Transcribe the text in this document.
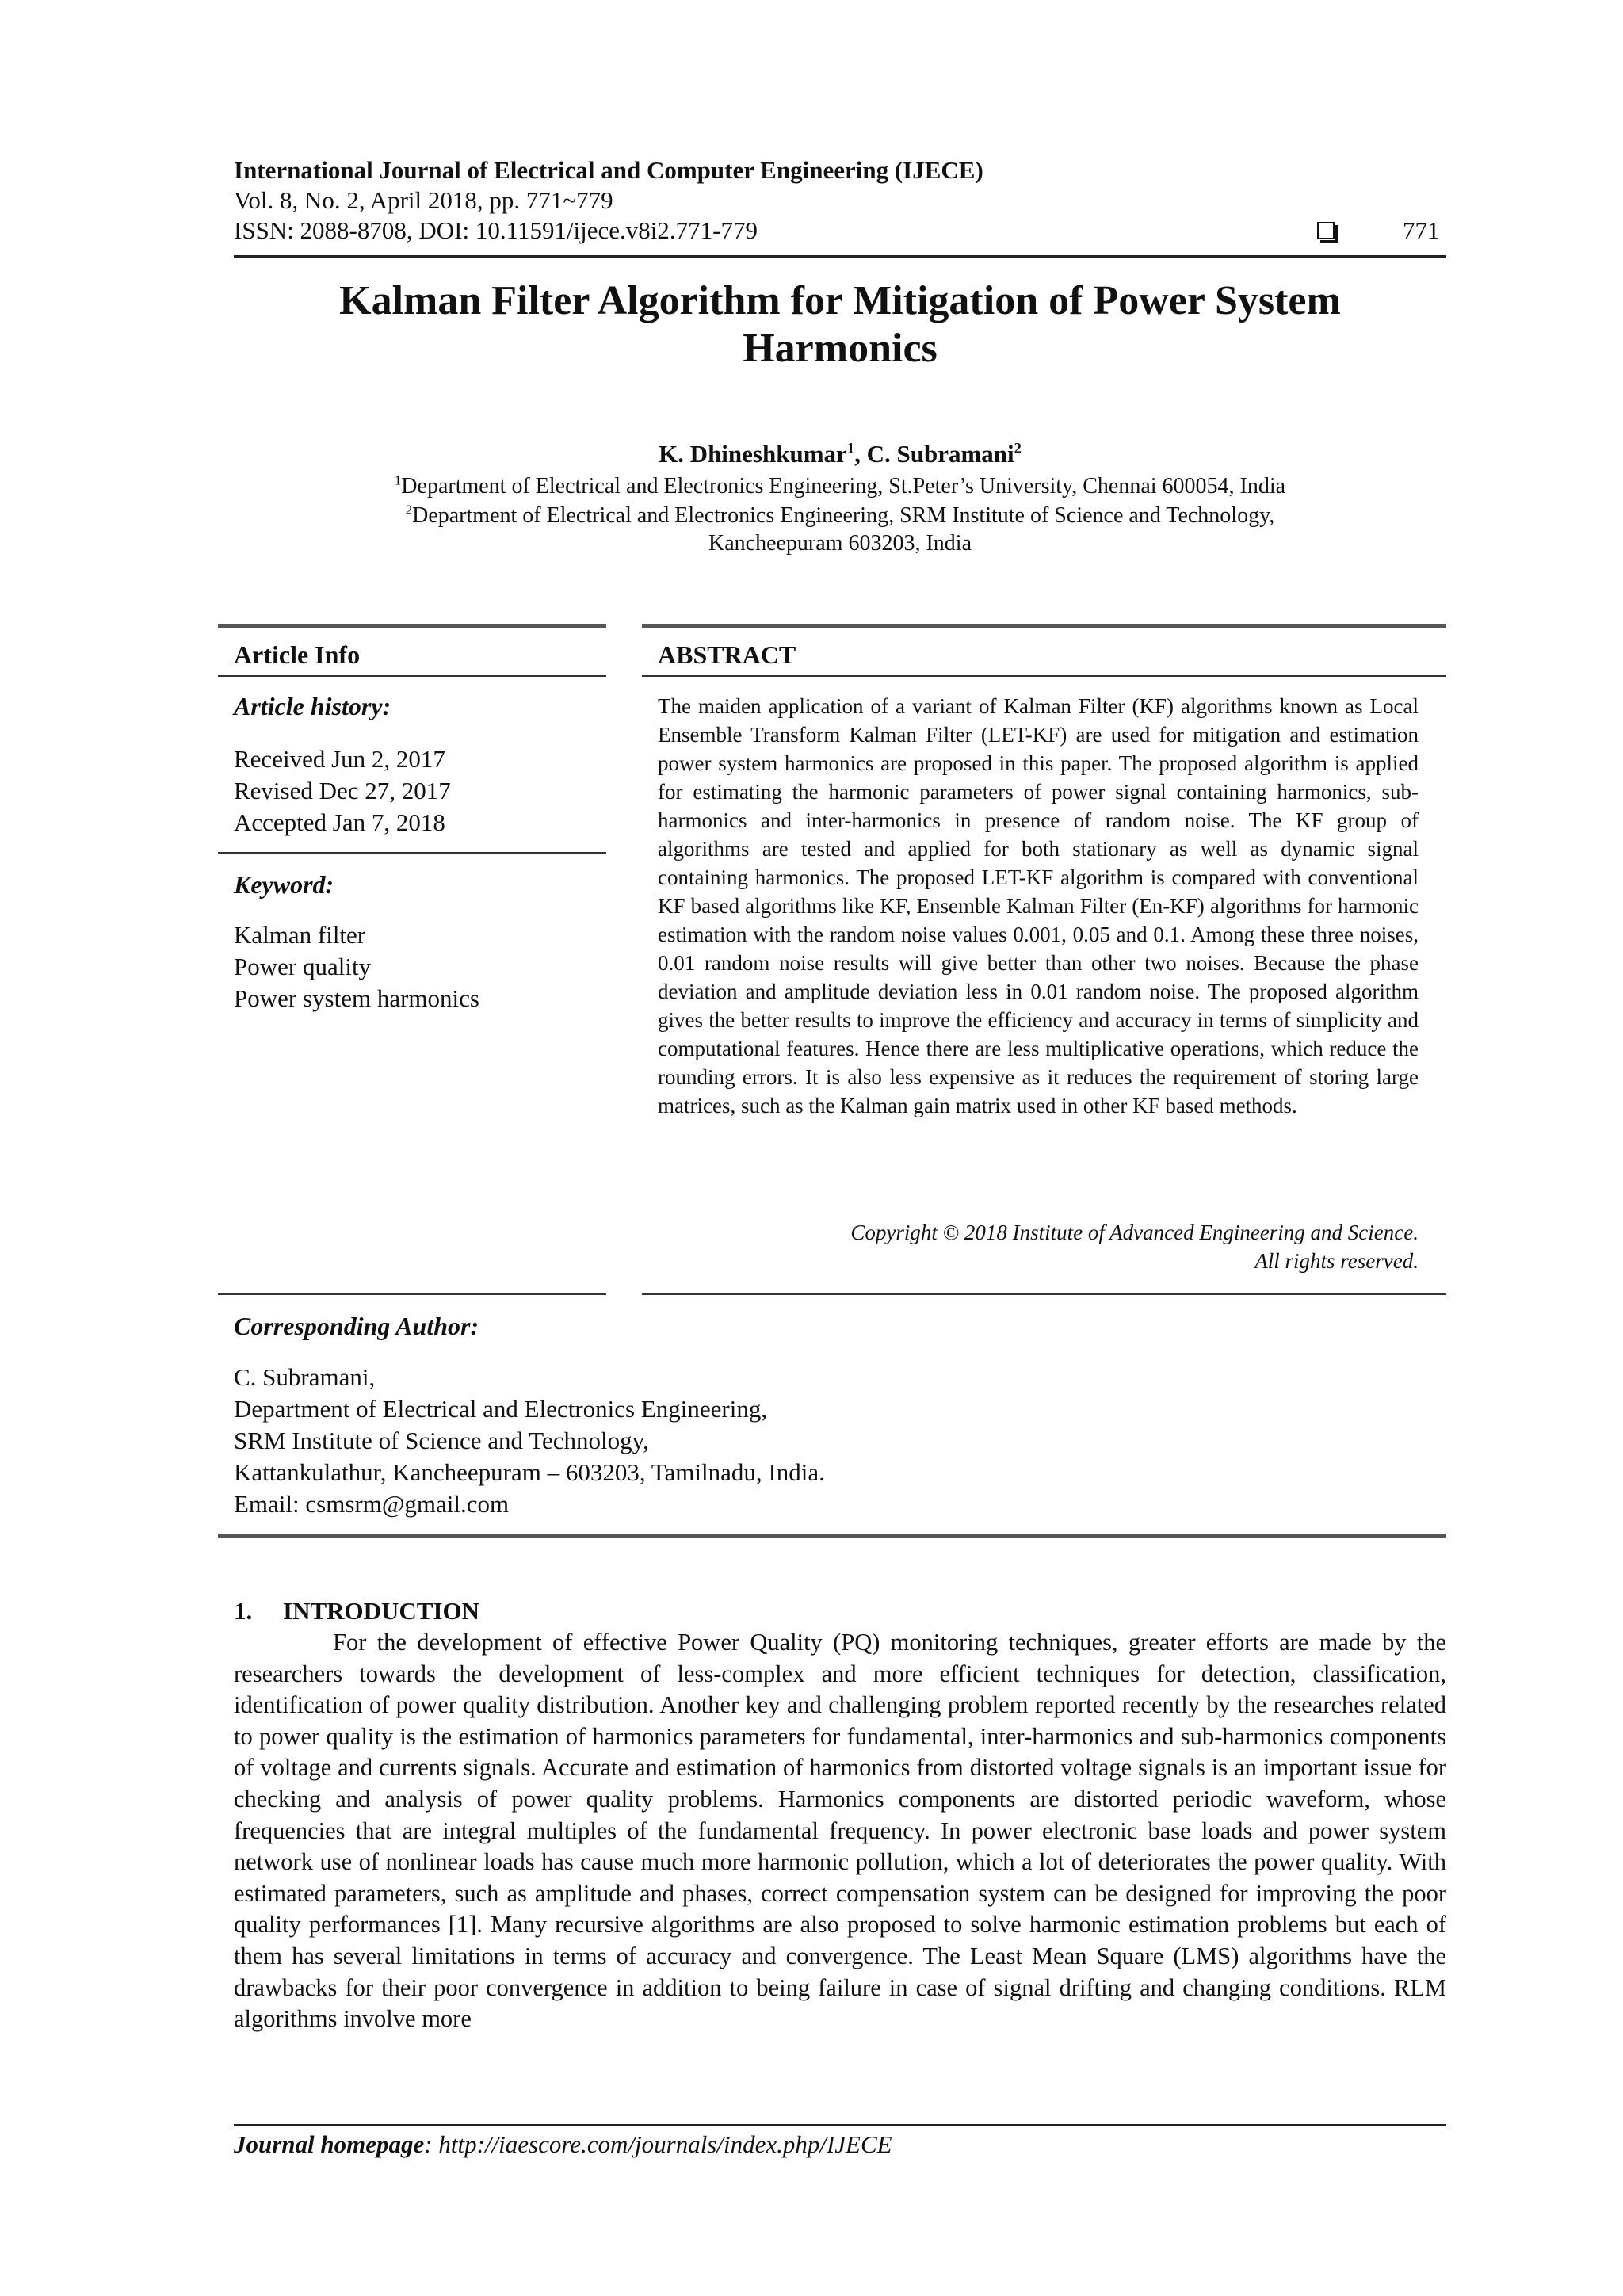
International Journal of Electrical and Computer Engineering (IJECE)
Vol. 8, No. 2, April 2018, pp. 771~779
ISSN: 2088-8708, DOI: 10.11591/ijece.v8i2.771-779	771
Kalman Filter Algorithm for Mitigation of Power System
Harmonics
K. Dhineshkumar$^1$, C. Subramani$^2$
$^1$Department of Electrical and Electronics Engineering, St.Peter’s University, Chennai 600054, India
$^2$Department of Electrical and Electronics Engineering, SRM Institute of Science and Technology,
Kancheepuram 603203, India
Article Info	ABSTRACT
Article history:
Received Jun 2, 2017
Revised Dec 27, 2017
Accepted Jan 7, 2018
Keyword:
Kalman filter
Power quality
Power system harmonics

The maiden application of a variant of Kalman Filter (KF) algorithms known as Local Ensemble Transform Kalman Filter (LET-KF) are used for mitigation and estimation power system harmonics are proposed in this paper. The proposed algorithm is applied for estimating the harmonic parameters of power signal containing harmonics, sub-harmonics and inter-harmonics in presence of random noise. The KF group of algorithms are tested and applied for both stationary as well as dynamic signal containing harmonics. The proposed LET-KF algorithm is compared with conventional KF based algorithms like KF, Ensemble Kalman Filter (En-KF) algorithms for harmonic estimation with the random noise values 0.001, 0.05 and 0.1. Among these three noises, 0.01 random noise results will give better than other two noises. Because the phase deviation and amplitude deviation less in 0.01 random noise. The proposed algorithm gives the better results to improve the efficiency and accuracy in terms of simplicity and computational features. Hence there are less multiplicative operations, which reduce the rounding errors. It is also less expensive as it reduces the requirement of storing large matrices, such as the Kalman gain matrix used in other KF based methods.

Copyright © 2018 Institute of Advanced Engineering and Science.
All rights reserved.
Corresponding Author:
C. Subramani,
Department of Electrical and Electronics Engineering,
SRM Institute of Science and Technology,
Kattankulathur, Kancheepuram – 603203, Tamilnadu, India.
Email: csmsrm@gmail.com
1.     INTRODUCTION

For the development of effective Power Quality (PQ) monitoring techniques, greater efforts are made by the researchers towards the development of less-complex and more efficient techniques for detection, classification, identification of power quality distribution. Another key and challenging problem reported recently by the researches related to power quality is the estimation of harmonics parameters for fundamental, inter-harmonics and sub-harmonics components of voltage and currents signals. Accurate and estimation of harmonics from distorted voltage signals is an important issue for checking and analysis of power quality problems. Harmonics components are distorted periodic waveform, whose frequencies that are integral multiples of the fundamental frequency. In power electronic base loads and power system network use of nonlinear loads has cause much more harmonic pollution, which a lot of deteriorates the power quality. With estimated parameters, such as amplitude and phases, correct compensation system can be designed for improving the poor quality performances [1]. Many recursive algorithms are also proposed to solve harmonic estimation problems but each of them has several limitations in terms of accuracy and convergence. The Least Mean Square (LMS) algorithms have the drawbacks for their poor convergence in addition to being failure in case of signal drifting and changing conditions. RLM algorithms involve more

Journal homepage: http://iaescore.com/journals/index.php/IJECE
